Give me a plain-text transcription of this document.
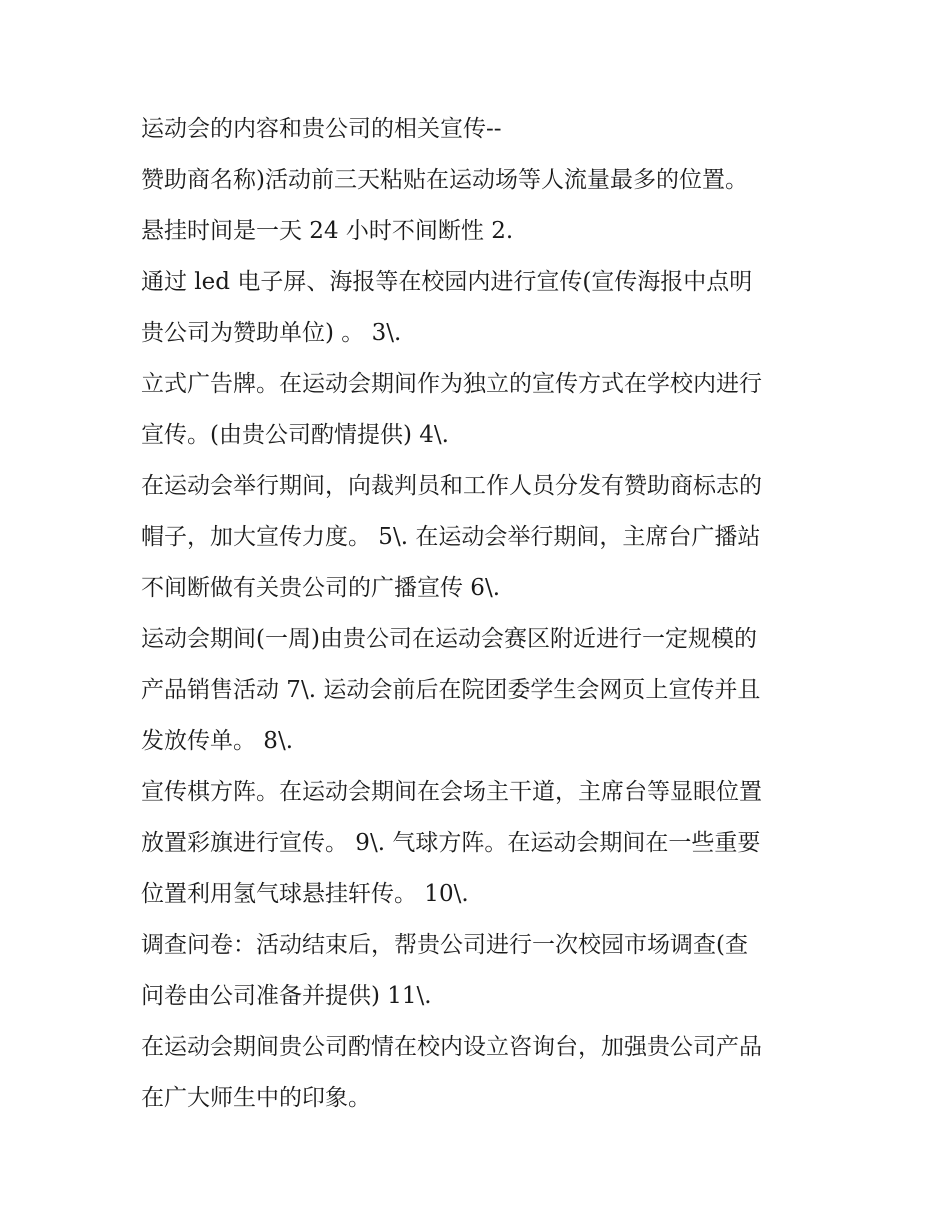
运动会的内容和贵公司的相关宣传--
赞助商名称)活动前三天粘贴在运动场等人流量最多的位置。
悬挂时间是一天 24 小时不间断性 2.
通过 led 电子屏、海报等在校园内进行宣传(宣传海报中点明
贵公司为赞助单位) 。 3\.
立式广告牌。在运动会期间作为独立的宣传方式在学校内进行
宣传。(由贵公司酌情提供) 4\.
在运动会举行期间，向裁判员和工作人员分发有赞助商标志的
帽子，加大宣传力度。 5\. 在运动会举行期间，主席台广播站
不间断做有关贵公司的广播宣传 6\.
运动会期间(一周)由贵公司在运动会赛区附近进行一定规模的
产品销售活动 7\. 运动会前后在院团委学生会网页上宣传并且
发放传单。 8\.
宣传棋方阵。在运动会期间在会场主干道，主席台等显眼位置
放置彩旗进行宣传。 9\. 气球方阵。在运动会期间在一些重要
位置利用氢气球悬挂轩传。 10\.
调查问卷：活动结束后，帮贵公司进行一次校园市场调查(查
问卷由公司准备并提供) 11\.
在运动会期间贵公司酌情在校内设立咨询台，加强贵公司产品
在广大师生中的印象。
